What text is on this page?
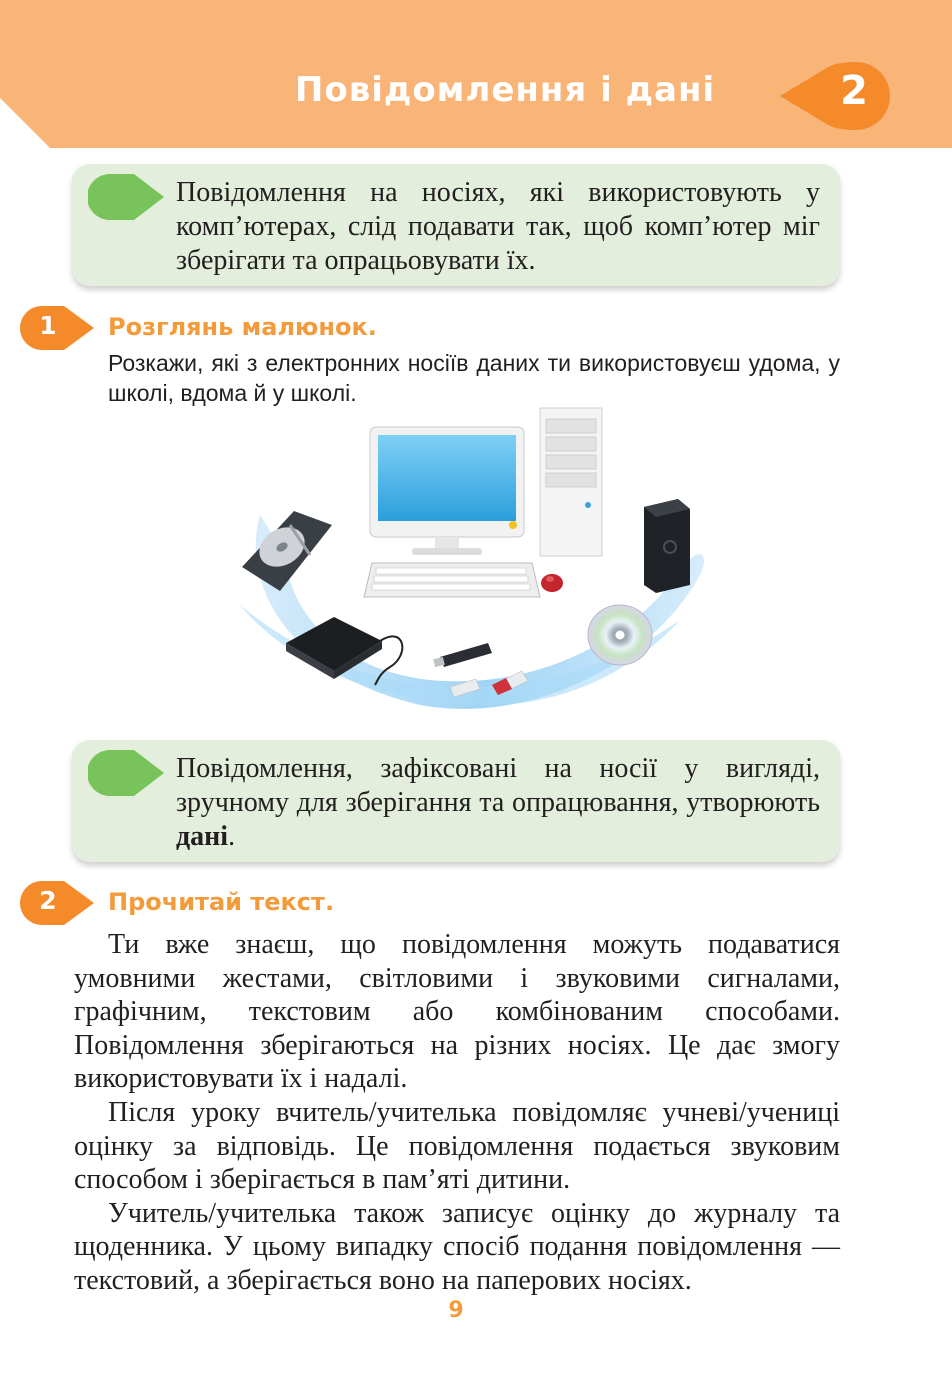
Повідомлення і дані	2
Повідомлення на носіях, які використовують у комп’ютерах, слід подавати так, щоб комп’ютер міг зберігати та опрацьовувати їх.
1	Розглянь малюнок.
Розкажи, які з електронних носіїв даних ти використовуєш удома, у школі, вдома й у школі.
Повідомлення, зафіксовані на носії у вигляді, зручному для зберігання та опрацювання, утворюють дані.
2	Прочитай текст.

Ти вже знаєш, що повідомлення можуть подаватися умовними жестами, світловими і звуковими сигналами, графічним, текстовим або комбінованим способами. Повідомлення зберігаються на різних носіях. Це дає змогу використовувати їх і надалі.

Після уроку вчитель/учителька повідомляє учневі/учениці оцінку за відповідь. Це повідомлення подається звуковим способом і зберігається в пам’яті дитини.

Учитель/учителька також записує оцінку до журналу та щоденника. У цьому випадку спосіб подання повідомлення — текстовий, а зберігається воно на паперових носіях.

9
